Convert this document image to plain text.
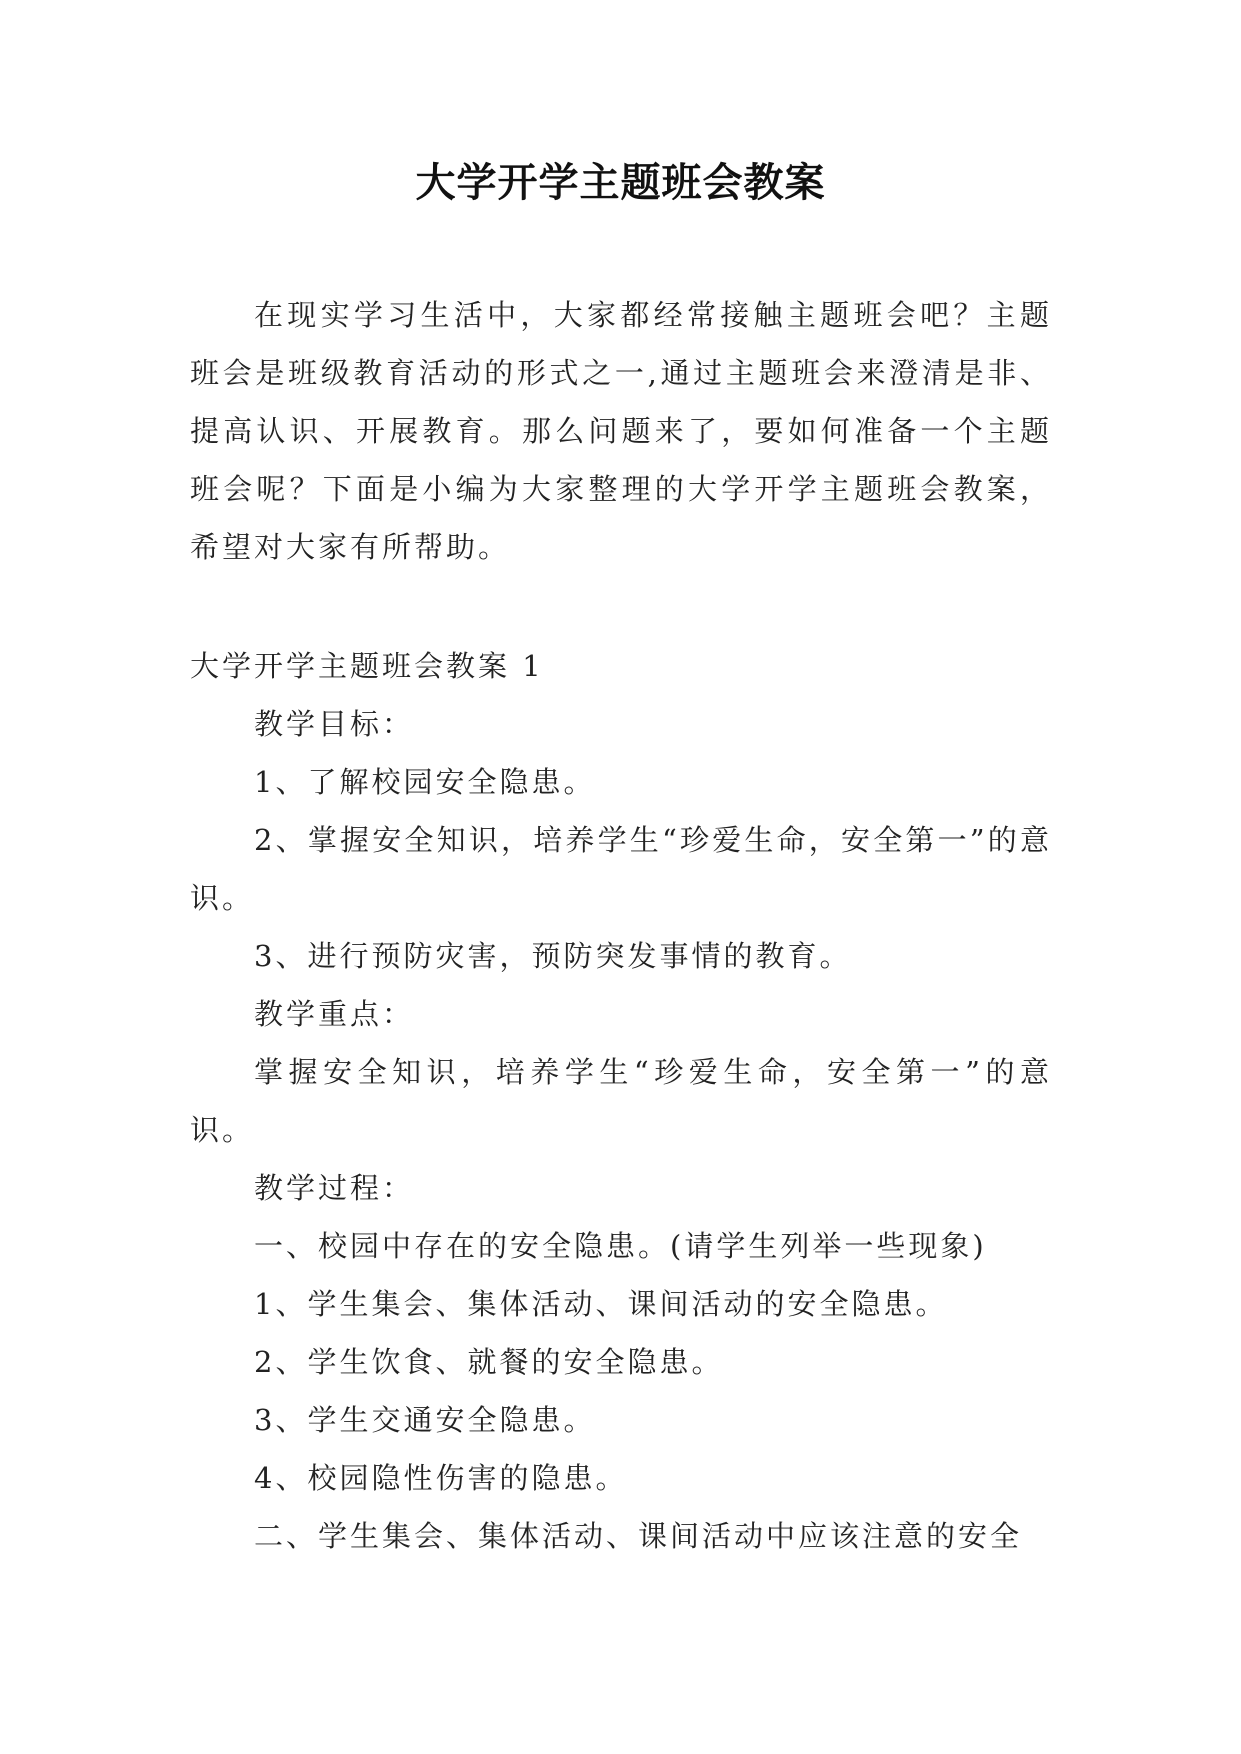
大学开学主题班会教案

在现实学习生活中，大家都经常接触主题班会吧？主题班会是班级教育活动的形式之一,通过主题班会来澄清是非、提高认识、开展教育。那么问题来了，要如何准备一个主题班会呢？下面是小编为大家整理的大学开学主题班会教案，希望对大家有所帮助。

大学开学主题班会教案 1

教学目标：

1、了解校园安全隐患。

2、掌握安全知识，培养学生“珍爱生命，安全第一”的意识。

3、进行预防灾害，预防突发事情的教育。

教学重点：

掌握安全知识，培养学生“珍爱生命，安全第一”的意识。

教学过程：

一、校园中存在的安全隐患。(请学生列举一些现象)

1、学生集会、集体活动、课间活动的安全隐患。

2、学生饮食、就餐的安全隐患。

3、学生交通安全隐患。

4、校园隐性伤害的隐患。

二、学生集会、集体活动、课间活动中应该注意的安全
